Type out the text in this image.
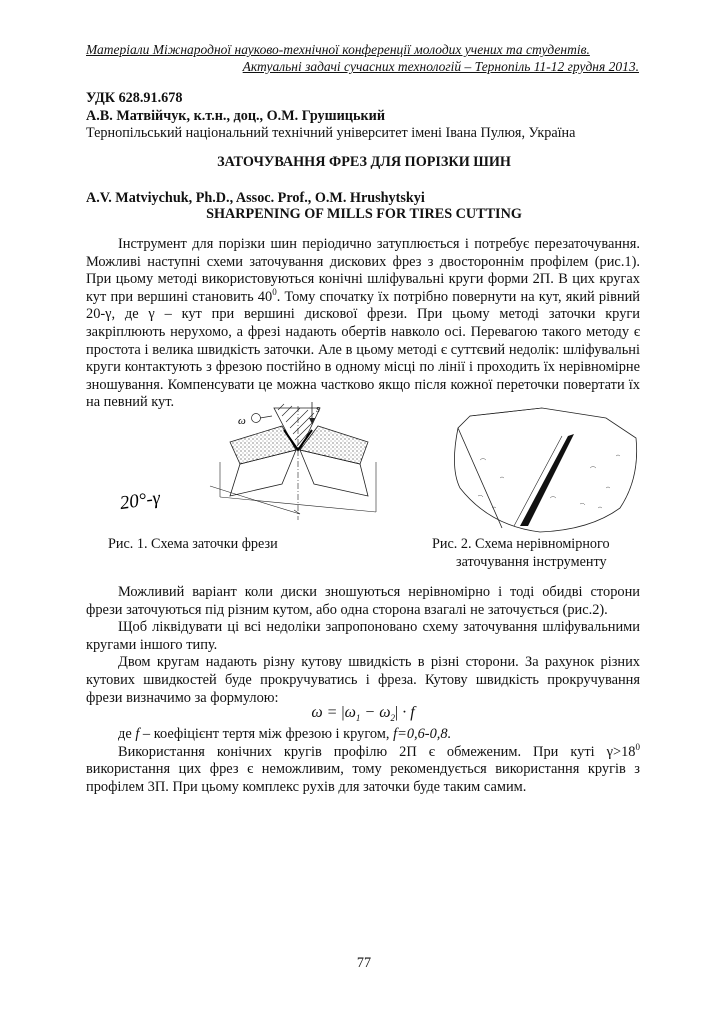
Матеріали Міжнародної науково-технічної конференції молодих учених та студентів.
Актуальні задачі сучасних технологій – Тернопіль 11-12 грудня 2013.
УДК 628.91.678
А.В. Матвійчук, к.т.н., доц., О.М. Грушицький
Тернопільський національний технічний університет імені Івана Пулюя, Україна
ЗАТОЧУВАННЯ ФРЕЗ ДЛЯ ПОРІЗКИ ШИН
A.V. Matviychuk, Ph.D., Assoc. Prof., O.M. Hrushytskyi
SHARPENING OF MILLS FOR TIRES CUTTING

Інструмент для порізки шин періодично затуплюється і потребує перезаточування. Можливі наступні схеми заточування дискових фрез з двостороннім профілем (рис.1). При цьому методі використовуються конічні шліфувальні круги форми 2П. В цих кругах кут при вершині становить $40^0$. Тому спочатку їх потрібно повернути на кут, який рівний 20-γ, де γ – кут при вершині дискової фрези. При цьому методі заточки круги закріплюють нерухомо, а фрезі надають обертів навколо осі. Перевагою такого методу є простота і велика швидкість заточки. Але в цьому методі є суттєвий недолік: шліфувальні круги контактують з фрезою постійно в одному місці по лінії і проходить їх нерівномірне зношування. Компенсувати це можна частково якщо після кожної переточки повертати їх на певний кут.

ω
s
20°-γ
Рис. 1. Схема заточки фрези	Рис. 2. Схема нерівномірного
заточування інструменту

Можливий варіант коли диски зношуються нерівномірно і тоді обидві сторони фрези заточуються під різним кутом, або одна сторона взагалі не заточується (рис.2).

Щоб ліквідувати ці всі недоліки запропоновано схему заточування шліфувальними кругами іншого типу.

Двом кругам надають різну кутову швидкість в різні сторони. За рахунок різних кутових швидкостей буде прокручуватись і фреза. Кутову швидкість прокручування фрези визначимо за формулою:

$\omega = |\omega_1 - \omega_2| \cdot f$

де f – коефіцієнт тертя між фрезою і кругом, f=0,6-0,8.

Використання конічних кругів профілю 2П є обмеженим. При куті $\gamma>18^0$ використання цих фрез є неможливим, тому рекомендується використання кругів з профілем 3П. При цьому комплекс рухів для заточки буде таким самим.

77
